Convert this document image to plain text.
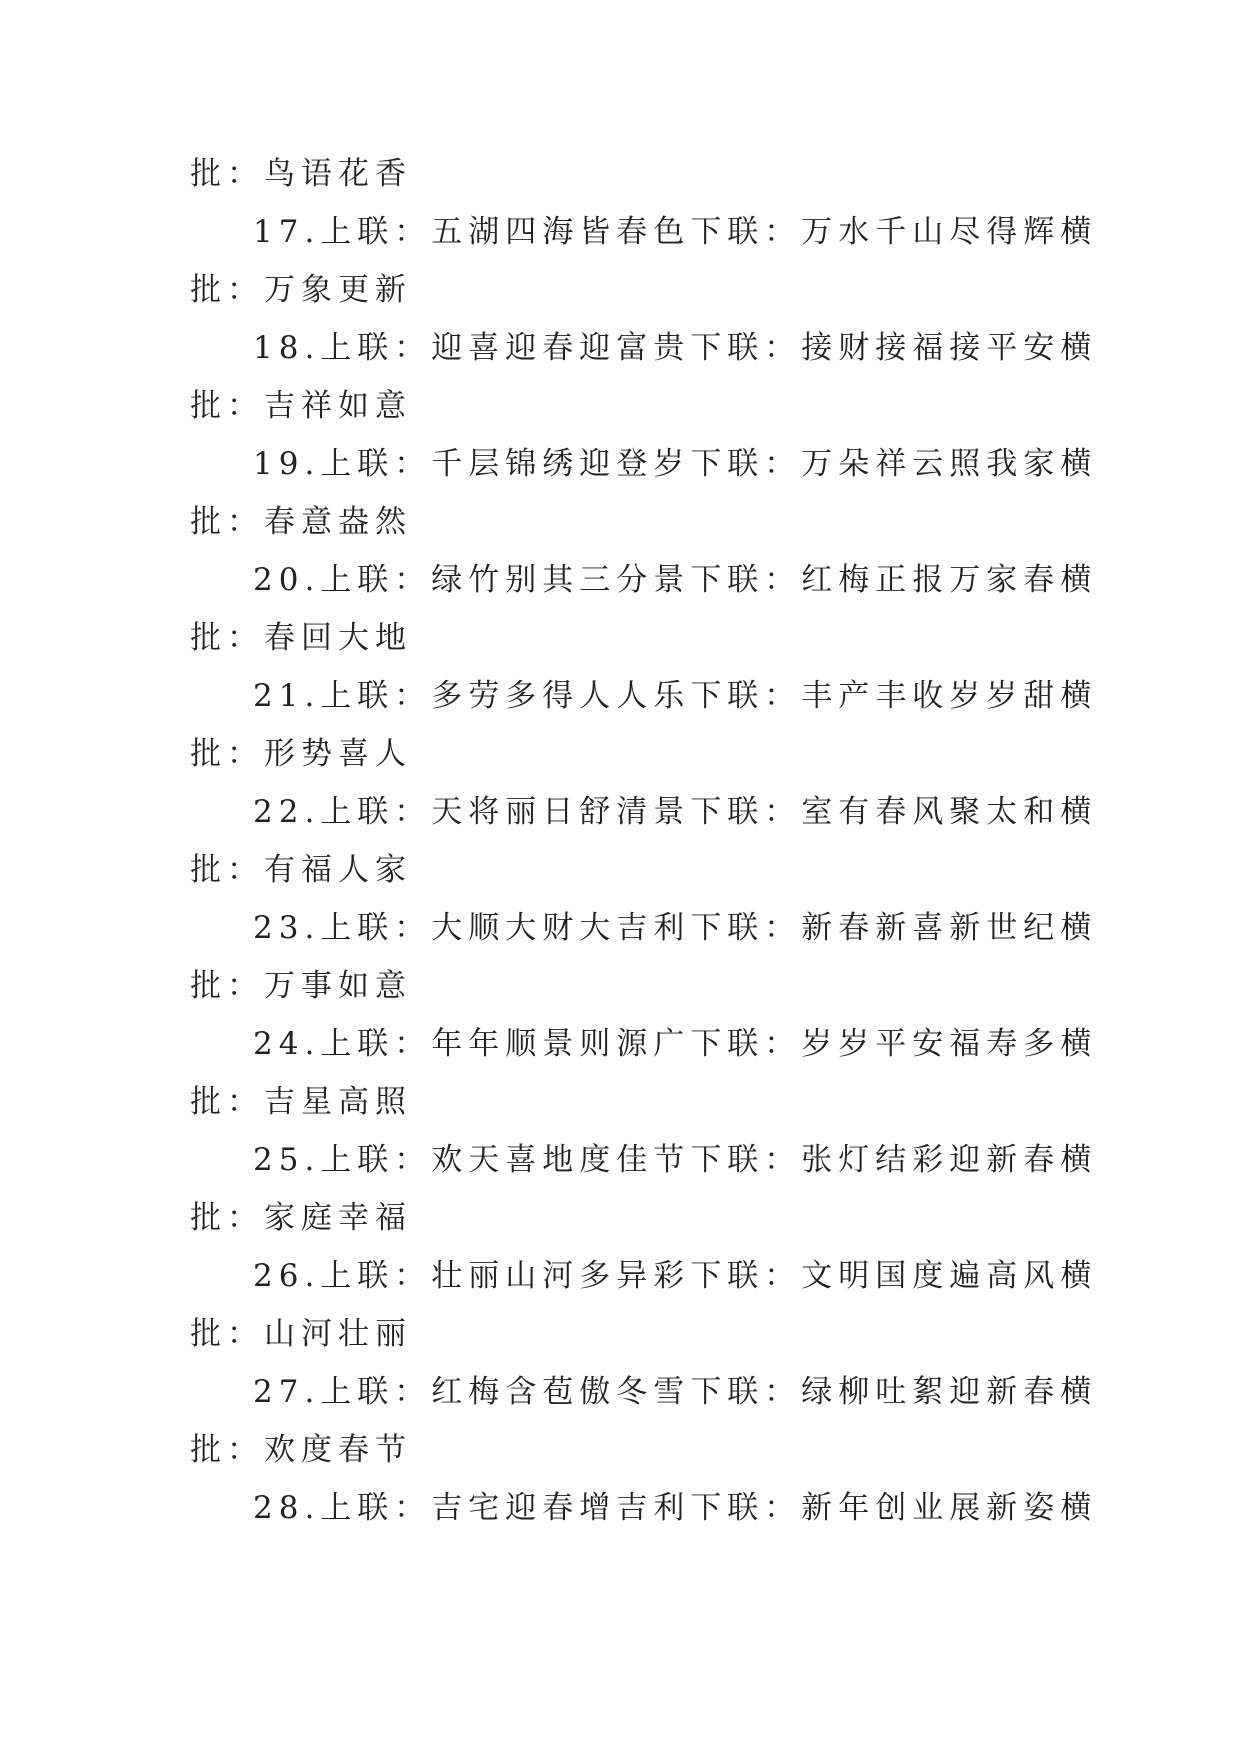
批：鸟语花香
17. 上联：五湖四海皆春色 下联：万水千山尽得辉 横
批：万象更新
18. 上联：迎喜迎春迎富贵 下联：接财接福接平安 横
批：吉祥如意
19. 上联：千层锦绣迎登岁 下联：万朵祥云照我家 横
批：春意盎然
20. 上联：绿竹别其三分景 下联：红梅正报万家春 横
批：春回大地
21. 上联：多劳多得人人乐 下联：丰产丰收岁岁甜 横
批：形势喜人
22. 上联：天将丽日舒清景 下联：室有春风聚太和 横
批：有福人家
23. 上联：大顺大财大吉利 下联：新春新喜新世纪 横
批：万事如意
24. 上联：年年顺景则源广 下联：岁岁平安福寿多 横
批：吉星高照
25. 上联：欢天喜地度佳节 下联：张灯结彩迎新春 横
批：家庭幸福
26. 上联：壮丽山河多异彩 下联：文明国度遍高风 横
批：山河壮丽
27. 上联：红梅含苞傲冬雪 下联：绿柳吐絮迎新春 横
批：欢度春节
28. 上联：吉宅迎春增吉利 下联：新年创业展新姿 横
